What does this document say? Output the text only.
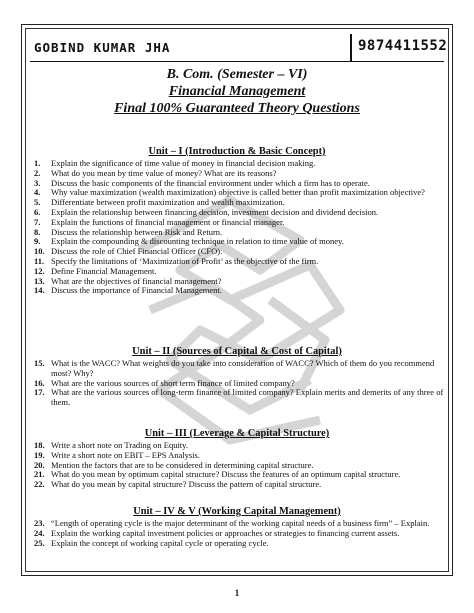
GOBIND KUMAR JHA	9874411552
B. Com. (Semester – VI)
Financial Management
Final 100% Guaranteed Theory Questions
Unit – I (Introduction & Basic Concept)
1.	Explain the significance of time value of money in financial decision making.
2.	What do you mean by time value of money? What are its reasons?
3.	Discuss the basic components of the financial environment under which a firm has to operate.
4.	Why value maximization (wealth maximization) objective is called better than profit maximization objective?
5.	Differentiate between profit maximization and wealth maximization.
6.	Explain the relationship between financing decision, investment decision and dividend decision.
7.	Explain the functions of financial management or financial manager.
8.	Discuss the relationship between Risk and Return.
9.	Explain the compounding & discounting technique in relation to time value of money.
10. Discuss the role of Chief Financial Officer (CFO).
11. Specify the limitations of ‘Maximization of Profit’ as the objective of the firm.
12. Define Financial Management.
13. What are the objectives of financial management?
14. Discuss the importance of Financial Management.
Unit – II (Sources of Capital & Cost of Capital)
15. What is the WACC? What weights do you take into consideration of WACC? Which of them do you recommend most? Why?
16. What are the various sources of short term finance of limited company?
17. What are the various sources of long-term finance of limited company? Explain merits and demerits of any three of them.
Unit – III (Leverage & Capital Structure)
18. Write a short note on Trading on Equity.
19. Write a short note on EBIT – EPS Analysis.
20. Mention the factors that are to be considered in determining capital structure.
21. What do you mean by optimum capital structure? Discuss the features of an optimum capital structure.
22. What do you mean by capital structure? Discuss the pattern of capital structure.
Unit – IV & V (Working Capital Management)
23. “Length of operating cycle is the major determinant of the working capital needs of a business firm” – Explain.
24. Explain the working capital investment policies or approaches or strategies to financing current assets.
25. Explain the concept of working capital cycle or operating cycle.
1
